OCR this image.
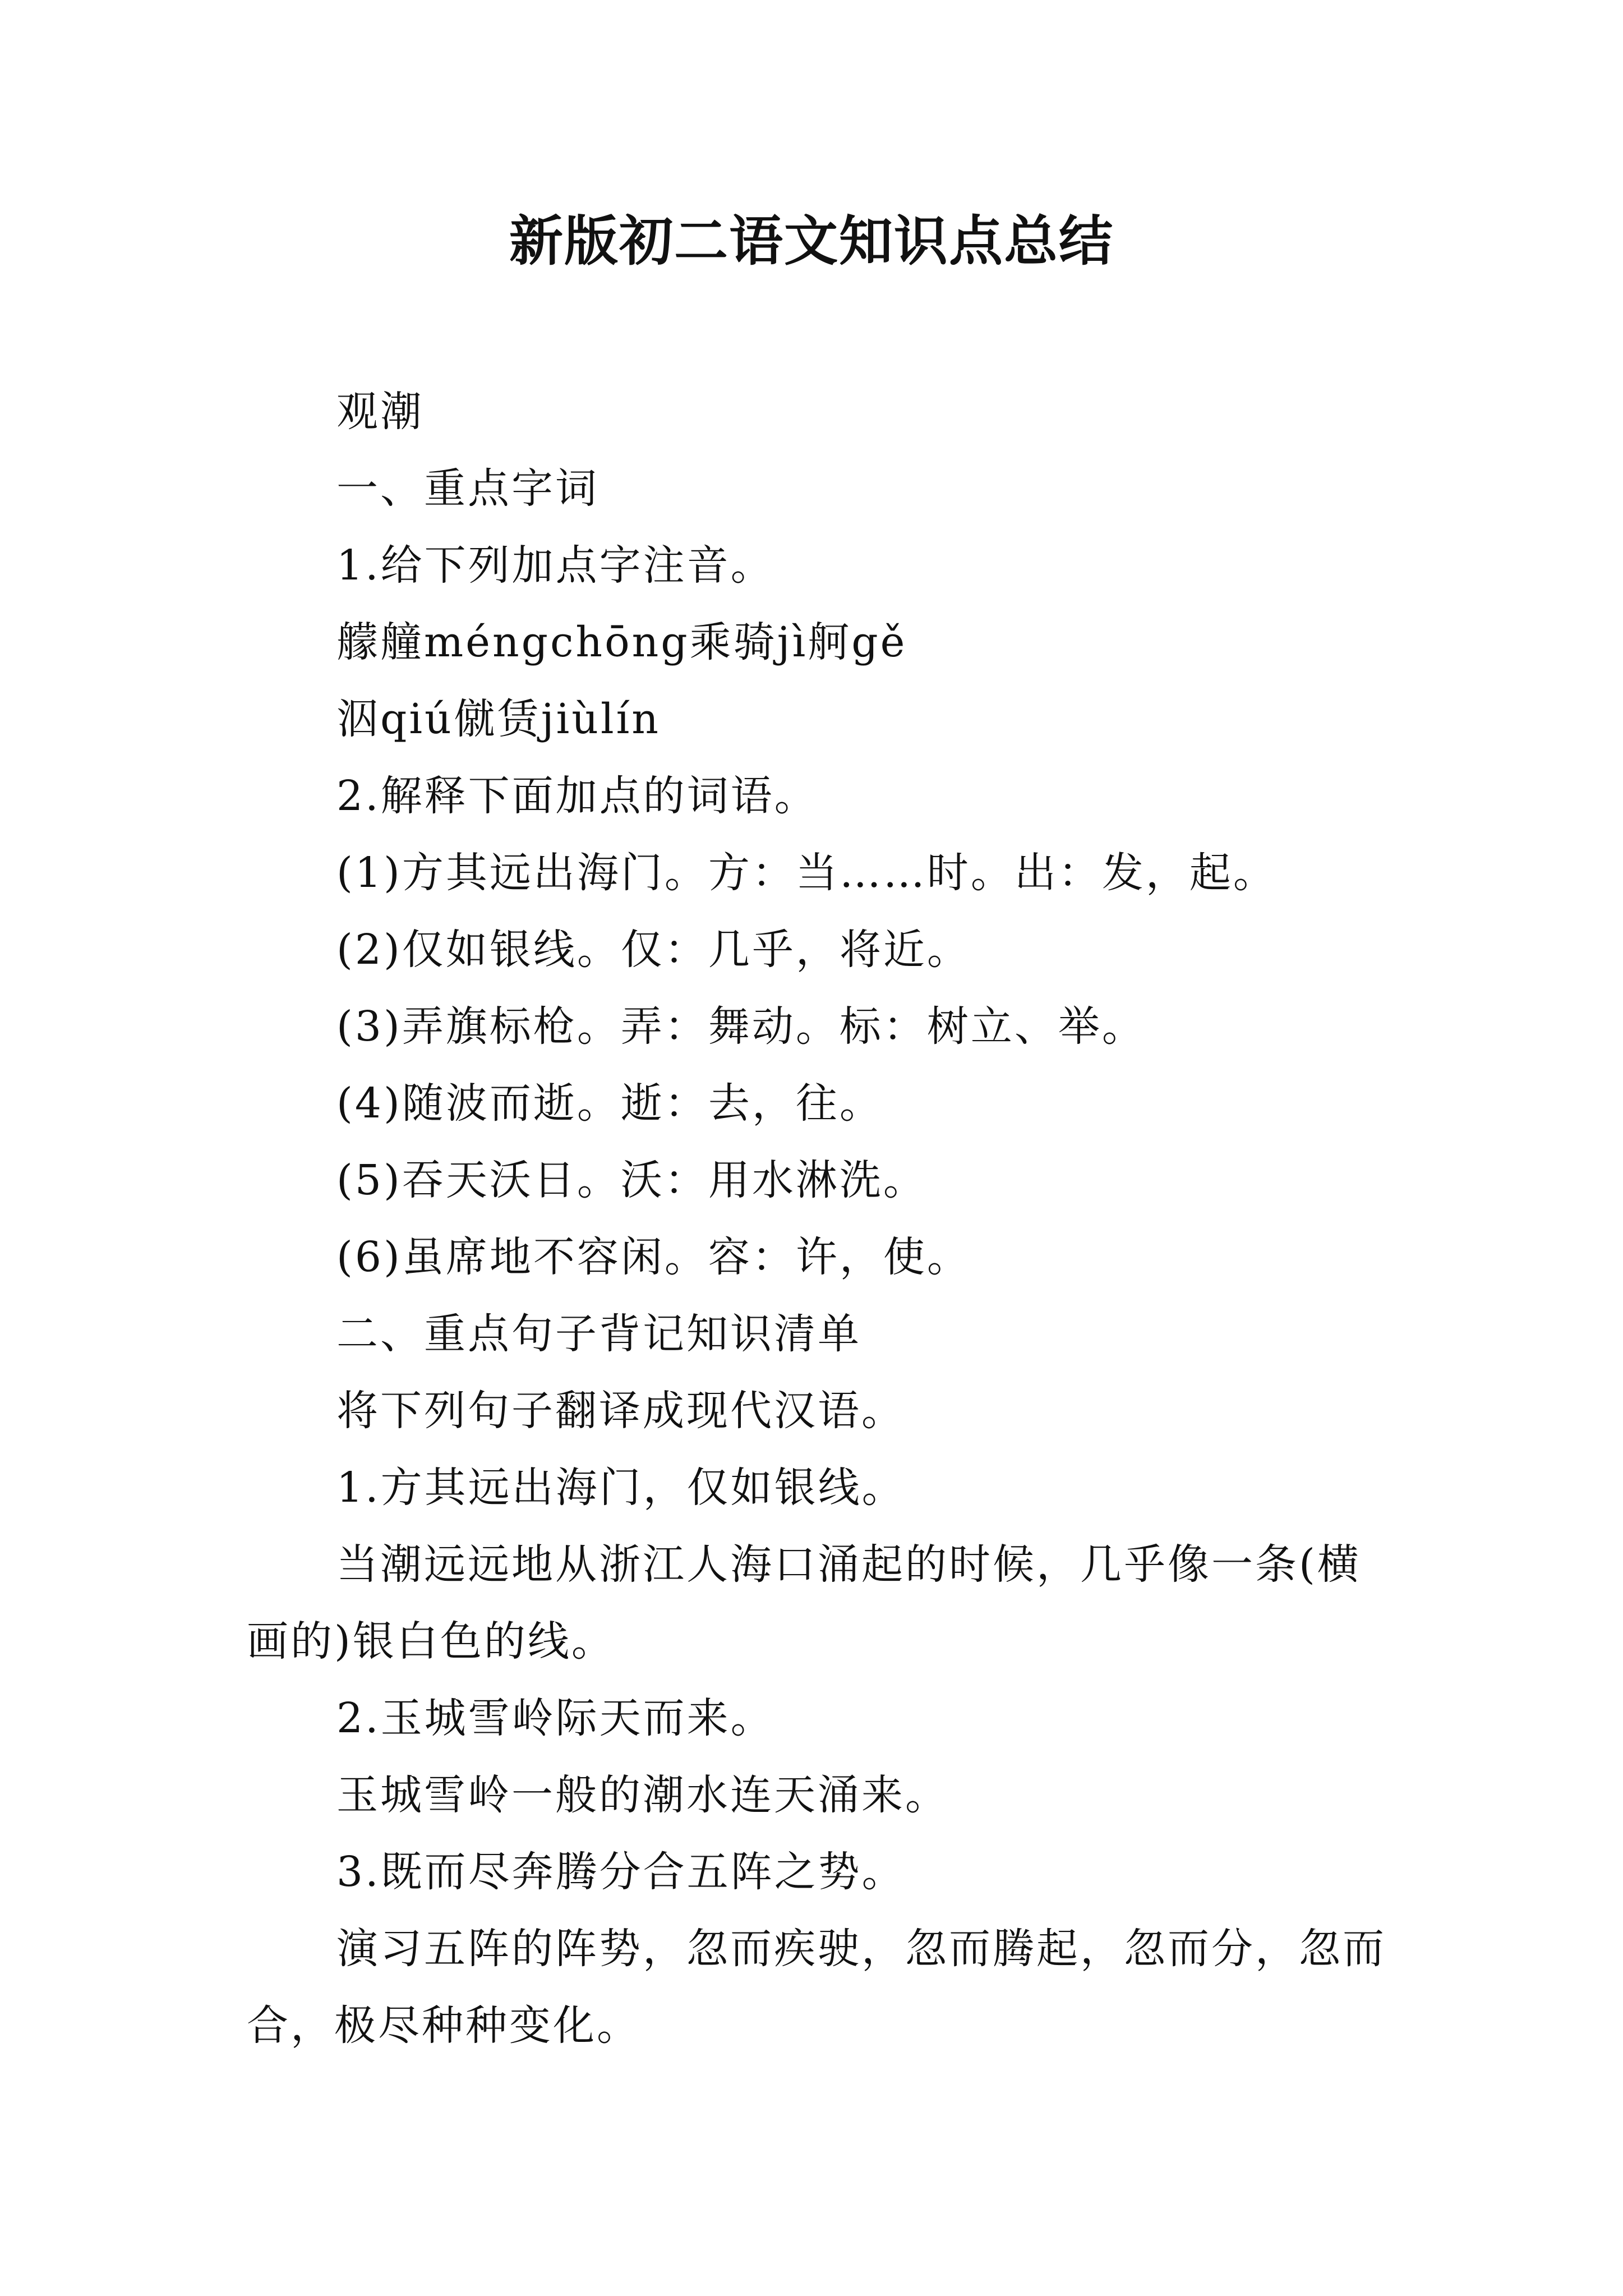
新版初二语文知识点总结
观潮
一、重点字词
1.给下列加点字注音。
艨艟méngchōng乘骑jì舸gě
泅qiú僦赁jiùlín
2.解释下面加点的词语。
(1)方其远出海门。方：当……时。出：发，起。
(2)仅如银线。仅：几乎，将近。
(3)弄旗标枪。弄：舞动。标：树立、举。
(4)随波而逝。逝：去，往。
(5)吞天沃日。沃：用水淋洗。
(6)虽席地不容闲。容：许，使。
二、重点句子背记知识清单
将下列句子翻译成现代汉语。
1.方其远出海门，仅如银线。
当潮远远地从浙江人海口涌起的时候，几乎像一条(横画的)银白色的线。
2.玉城雪岭际天而来。
玉城雪岭一般的潮水连天涌来。
3.既而尽奔腾分合五阵之势。
演习五阵的阵势，忽而疾驶，忽而腾起，忽而分，忽而合，极尽种种变化。
